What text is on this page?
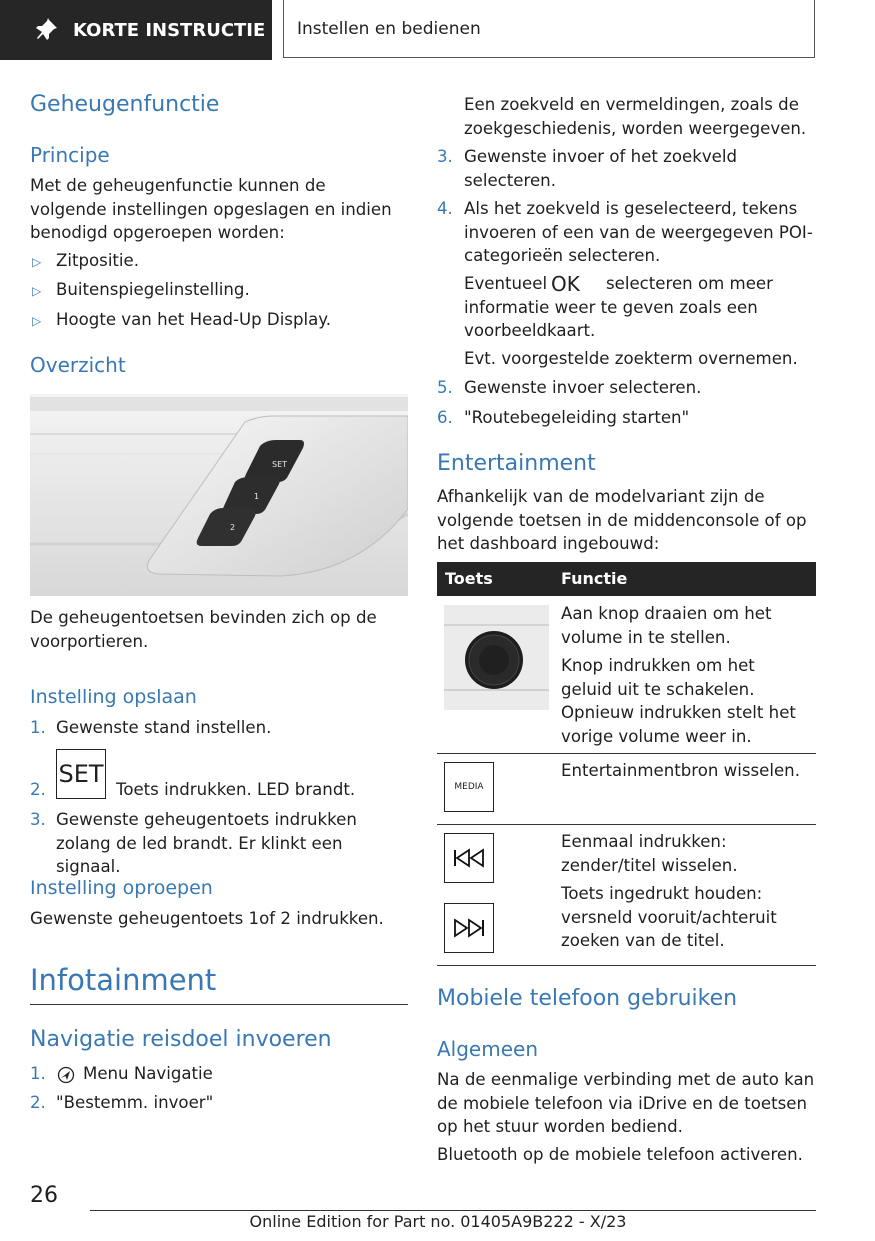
KORTE INSTRUCTIE Instellen en bedienen
Geheugenfunctie
Principe
Met de geheugenfunctie kunnen de volgende instellingen opgeslagen en indien benodigd opgeroepen worden:
▷ Zitpositie.
▷ Buitenspiegelinstelling.
▷ Hoogte van het Head-Up Display.
Overzicht
SET
1
2
De geheugentoetsen bevinden zich op de voorportieren.
Instelling opslaan
1. Gewenste stand instellen.
2.
SET
Toets indrukken. LED brandt.
3. Gewenste geheugentoets indrukken zolang de led brandt. Er klinkt een signaal.
Instelling oproepen
Gewenste geheugentoets 1of 2 indrukken.
Infotainment
Navigatie reisdoel invoeren
1. Menu Navigatie
2. "Bestemm. invoer"
Een zoekveld en vermeldingen, zoals de zoekgeschiedenis, worden weergegeven.
3. Gewenste invoer of het zoekveld selecteren.
4. Als het zoekveld is geselecteerd, tekens invoeren of een van de weergegeven POI-categorieën selecteren.
Eventueel OK	selecteren om meer informatie weer te geven zoals een voorbeeldkaart.
Evt. voorgestelde zoekterm overnemen.
5. Gewenste invoer selecteren.
6. "Routebegeleiding starten"
Entertainment
Afhankelijk van de modelvariant zijn de volgende toetsen in de middenconsole of op het dashboard ingebouwd:
Toets	Functie
Aan knop draaien om het volume in te stellen.
Knop indrukken om het geluid uit te schakelen. Opnieuw indrukken stelt het vorige volume weer in.
MEDIA
Entertainmentbron wisselen.
Eenmaal indrukken: zender/titel wisselen.
Toets ingedrukt houden: versneld vooruit/achteruit zoeken van de titel.
Mobiele telefoon gebruiken
Algemeen
Na de eenmalige verbinding met de auto kan de mobiele telefoon via iDrive en de toetsen op het stuur worden bediend.
Bluetooth op de mobiele telefoon activeren.
26
Online Edition for Part no. 01405A9B222 - X/23
